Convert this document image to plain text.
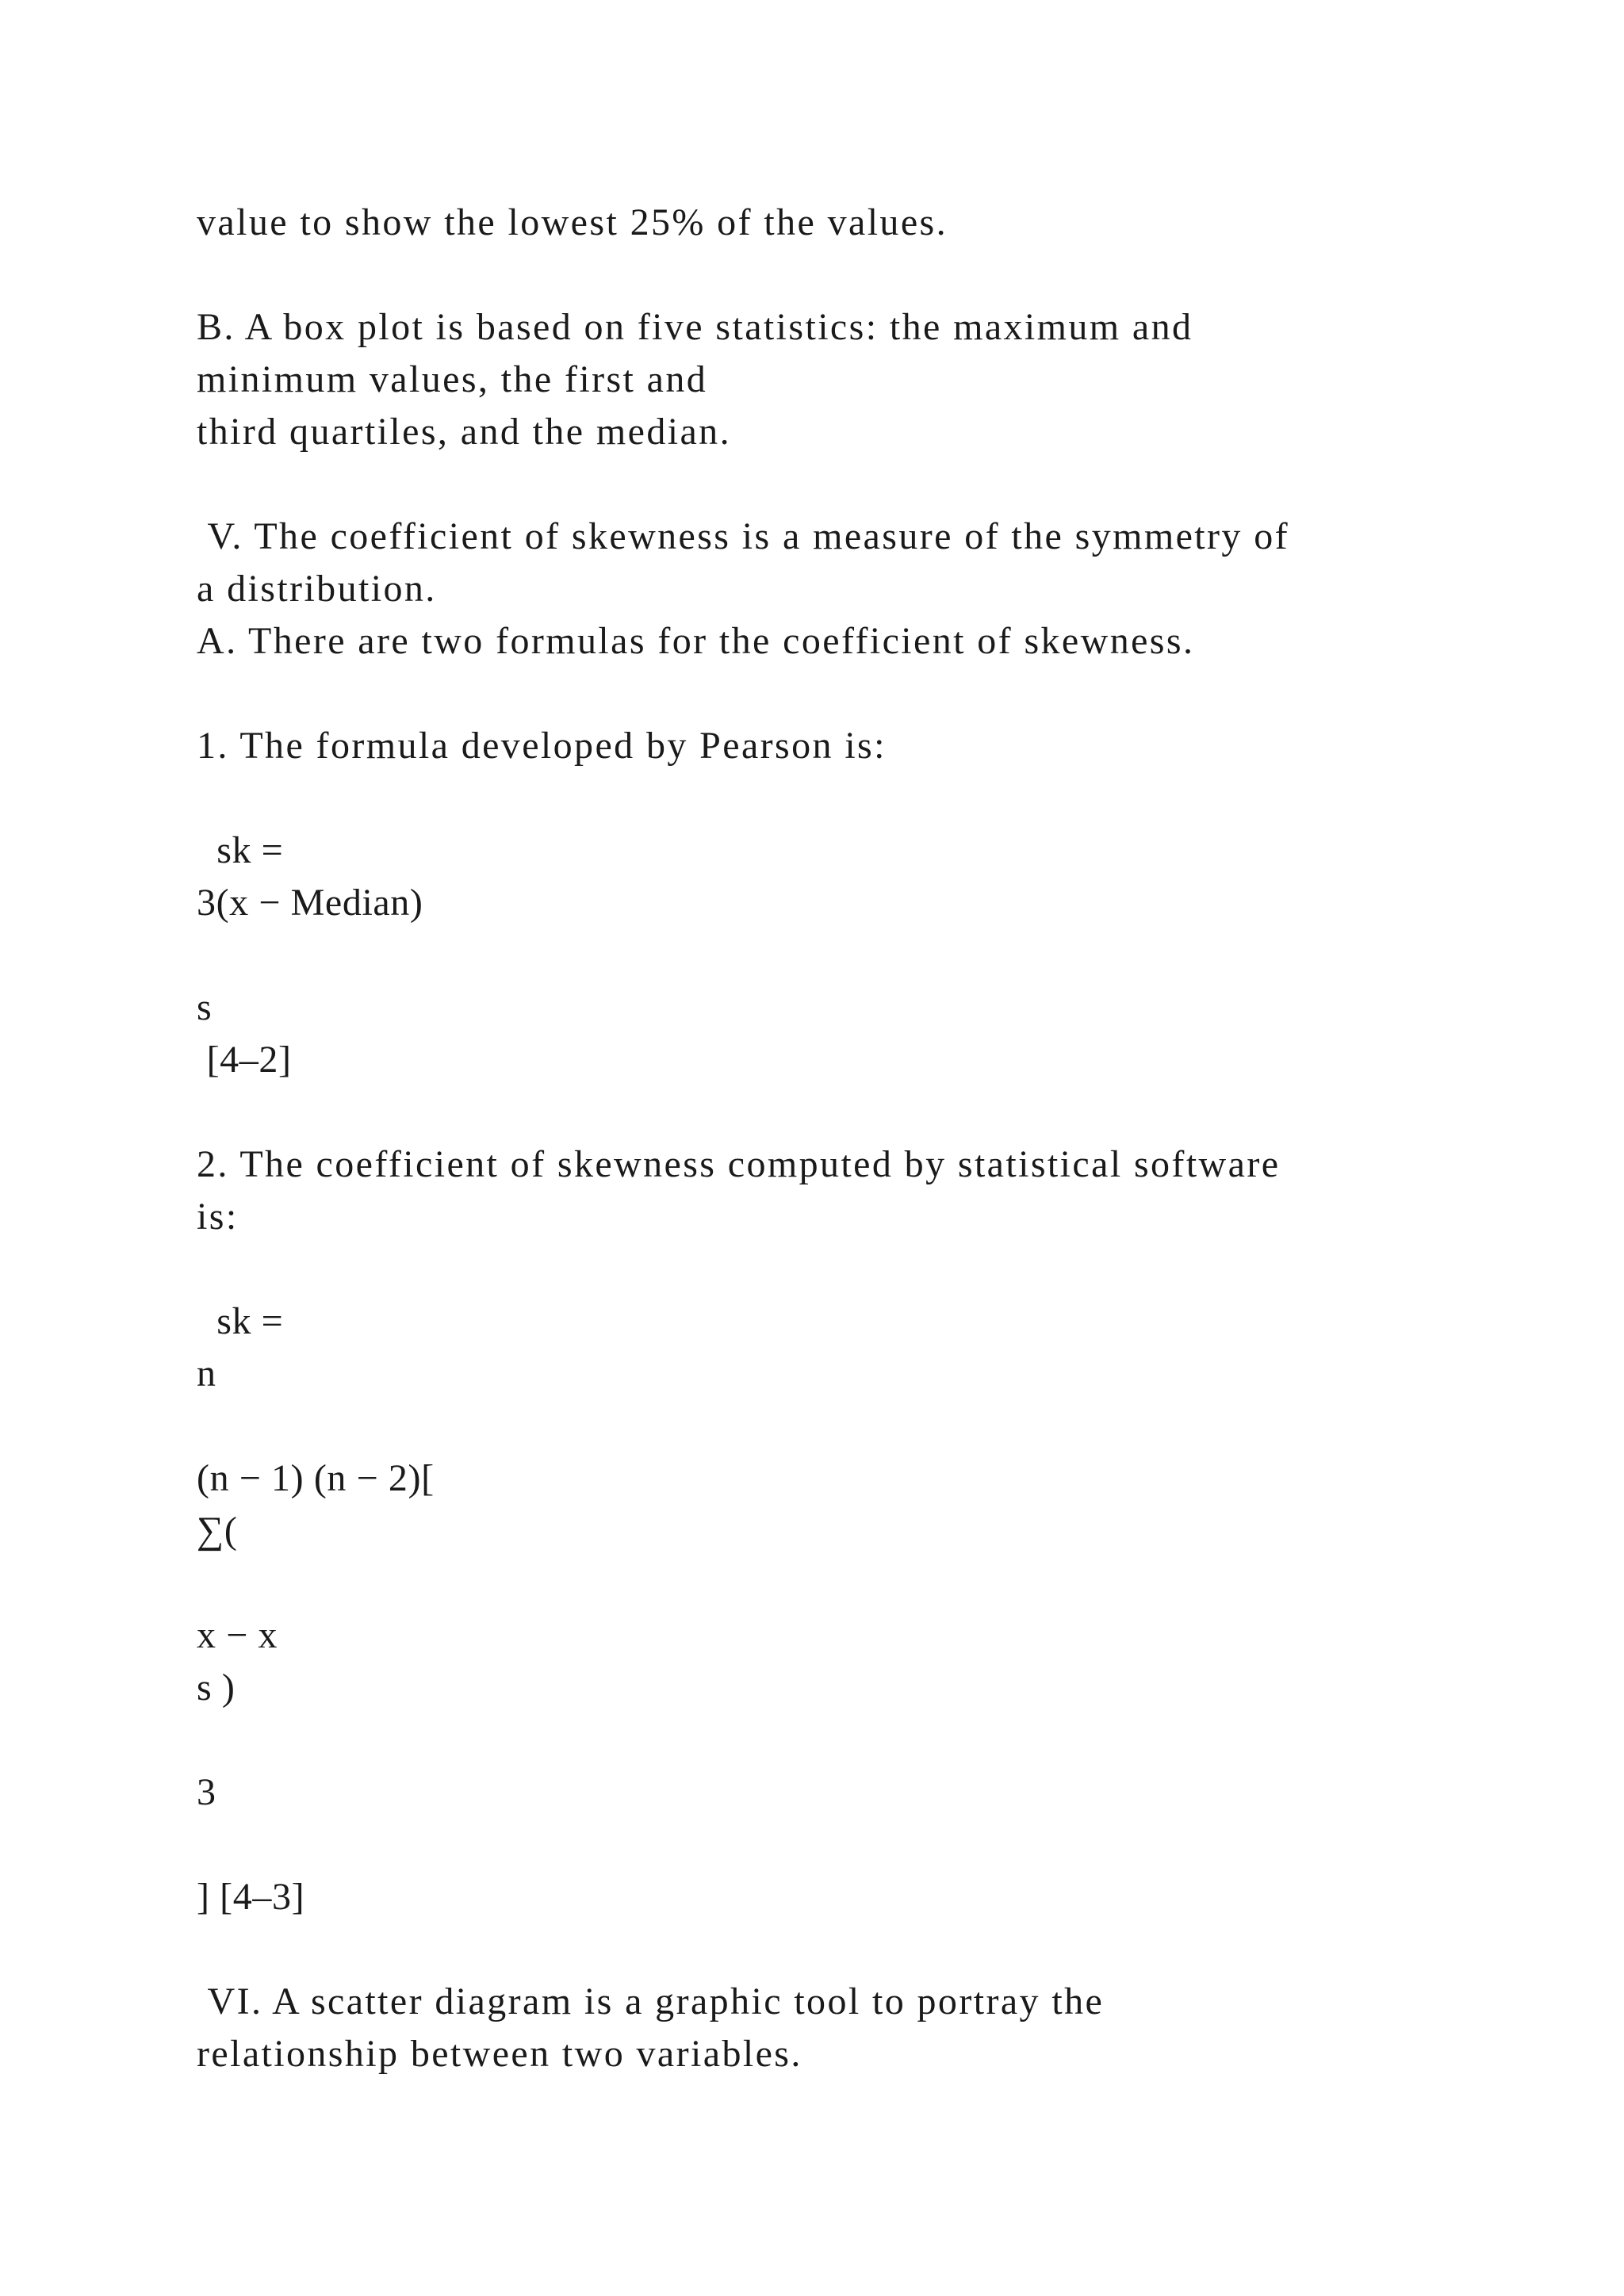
value to show the lowest 25% of the values.
B. A box plot is based on five statistics: the maximum and
minimum values, the first and
third quartiles, and the median.
V. The coefficient of skewness is a measure of the symmetry of
a distribution.
A. There are two formulas for the coefficient of skewness.
1. The formula developed by Pearson is:
sk =
3(x − Median)
s
[4–2]
2. The coefficient of skewness computed by statistical software
is:
sk =
n
(n − 1) (n − 2)[
∑(
x − x
s )
3
] [4–3]
VI. A scatter diagram is a graphic tool to portray the
relationship between two variables.
